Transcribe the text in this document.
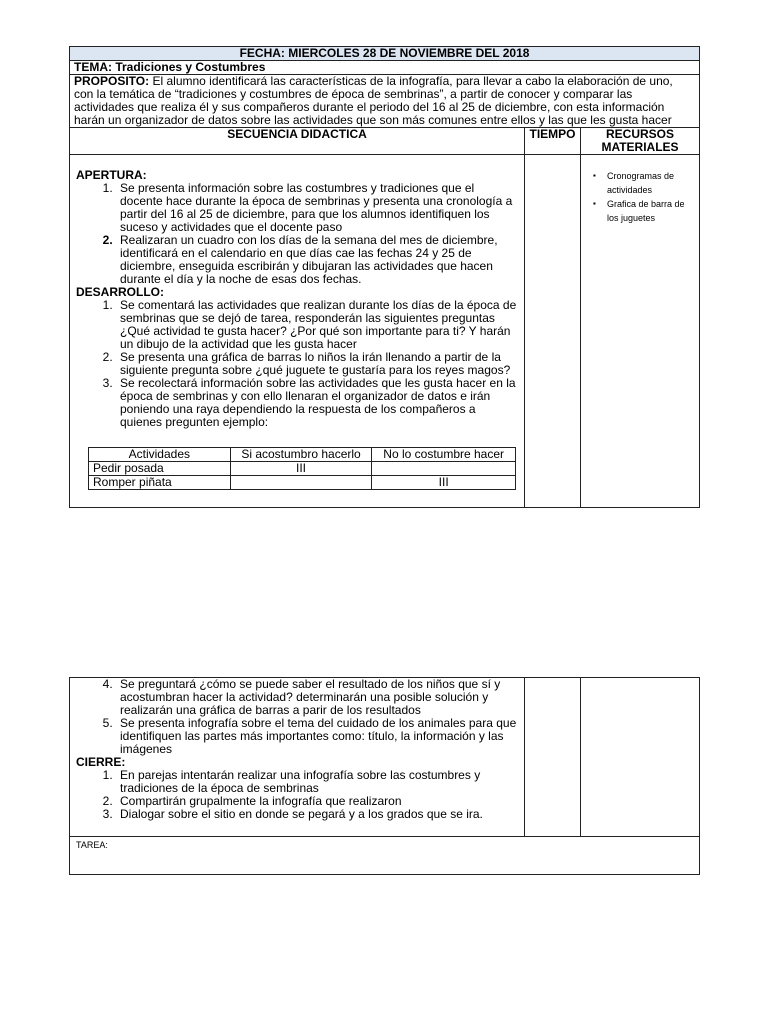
FECHA: MIERCOLES 28 DE NOVIEMBRE DEL 2018
TEMA: Tradiciones y Costumbres
PROPOSITO: El alumno identificará las características de la infografía, para llevar a cabo la elaboración de uno, con la temática de “tradiciones y costumbres de época de sembrinas”, a partir de conocer y comparar las actividades que realiza él y sus compañeros durante el periodo del 16 al 25 de diciembre, con esta información harán un organizador de datos sobre las actividades que son más comunes entre ellos y las que les gusta hacer
SECUENCIA DIDACTICA	TIEMPO	RECURSOS MATERIALES

APERTURA:

1. Se presenta información sobre las costumbres y tradiciones que el docente hace durante la época de sembrinas y presenta una cronología a partir del 16 al 25 de diciembre, para que los alumnos identifiquen los suceso y actividades que el docente paso
2. Realizaran un cuadro con los días de la semana del mes de diciembre, identificará en el calendario en que días cae las fechas 24 y 25 de diciembre, enseguida escribirán y dibujaran las actividades que hacen durante el día y la noche de esas dos fechas.

DESARROLLO:

1. Se comentará las actividades que realizan durante los días de la época de sembrinas que se dejó de tarea, responderán las siguientes preguntas ¿Qué actividad te gusta hacer? ¿Por qué son importante para ti? Y harán un dibujo de la actividad que les gusta hacer
2. Se presenta una gráfica de barras lo niños la irán llenando a partir de la siguiente pregunta sobre ¿qué juguete te gustaría para los reyes magos?
3. Se recolectará información sobre las actividades que les gusta hacer en la época de sembrinas y con ello llenaran el organizador de datos e irán poniendo una raya dependiendo la respuesta de los compañeros a quienes pregunten ejemplo:
Actividades	Si acostumbro hacerlo	No lo costumbre hacer
Pedir posada	III	
Romper piñata		III

▪ Cronogramas de actividades
▪ Grafica de barra de los juguetes
4. Se preguntará ¿cómo se puede saber el resultado de los niños que sí y acostumbran hacer la actividad? determinarán una posible solución y realizarán una gráfica de barras a parir de los resultados
5. Se presenta infografía sobre el tema del cuidado de los animales para que identifiquen las partes más importantes como: título, la información y las imágenes

CIERRE:

1. En parejas intentarán realizar una infografía sobre las costumbres y tradiciones de la época de sembrinas
2. Compartirán grupalmente la infografía que realizaron
3. Dialogar sobre el sitio en donde se pegará y a los grados que se ira.

TAREA:
